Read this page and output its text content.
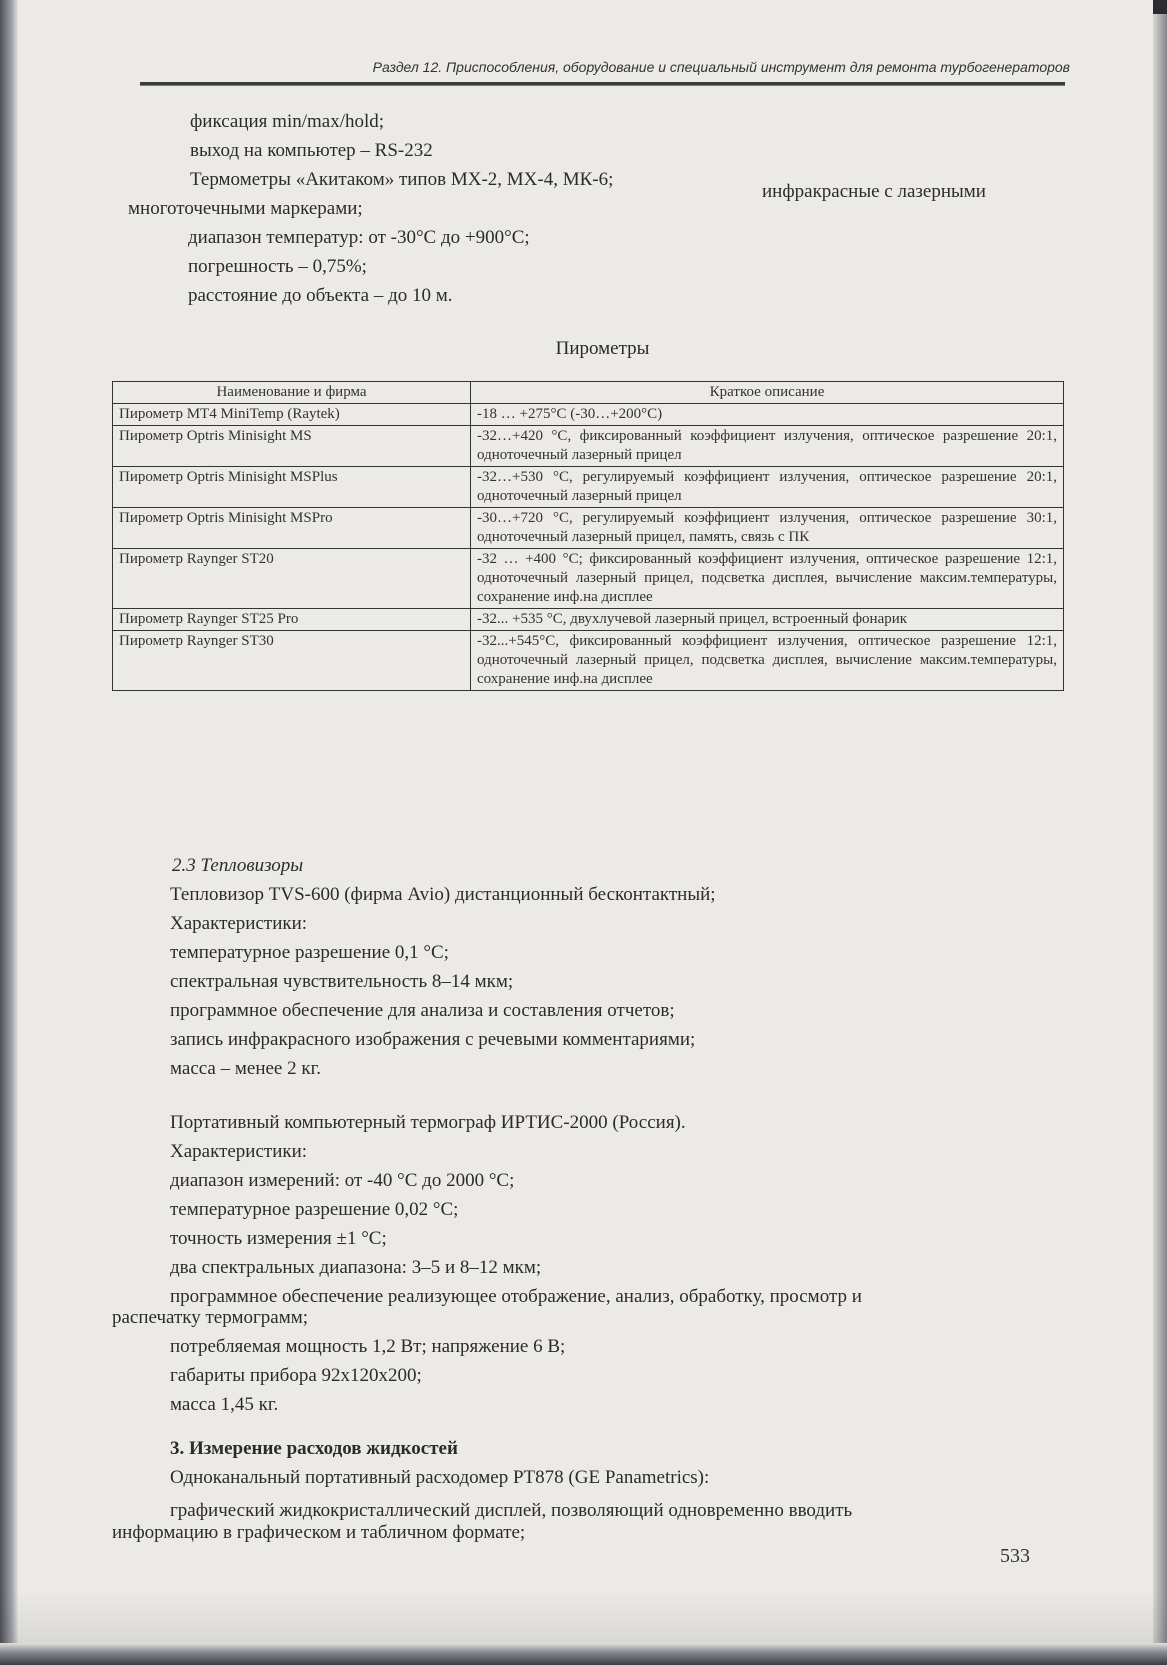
Раздел 12. Приспособления, оборудование и специальный инструмент для ремонта турбогенераторов
фиксация min/max/hold;
выход на компьютер – RS-232
Термометры «Акитаком» типов МХ-2, МХ-4, МК-6;
инфракрасные с лазерными
многоточечными маркерами;
диапазон температур: от -30°С до +900°С;
погрешность – 0,75%;
расстояние до объекта – до 10 м.
Пирометры
Наименование и фирма	Краткое описание
Пирометр MT4 MiniTemp (Raytek)	-18 … +275°С (-30…+200°С)
Пирометр Optris Minisight MS	-32…+420 °С, фиксированный коэффициент излучения, оптическое разрешение 20:1, одноточечный лазерный прицел
Пирометр Optris Minisight MSPlus	-32…+530 °С, регулируемый коэффициент излучения, оптическое разрешение 20:1, одноточечный лазерный прицел
Пирометр Optris Minisight MSPro	-30…+720 °С, регулируемый коэффициент излучения, оптическое разрешение 30:1, одноточечный лазерный прицел, память, связь с ПК
Пирометр Raynger ST20	-32 … +400 °С; фиксированный коэффициент излучения, оптическое разрешение 12:1, одноточечный лазерный прицел, подсветка дисплея, вычисление максим.температуры, сохранение инф.на дисплее
Пирометр Raynger ST25 Pro	-32... +535 °С, двухлучевой лазерный прицел, встроенный фонарик
Пирометр Raynger ST30	-32...+545°С, фиксированный коэффициент излучения, оптическое разрешение 12:1, одноточечный лазерный прицел, подсветка дисплея, вычисление максим.температуры, сохранение инф.на дисплее
2.3 Тепловизоры
Тепловизор TVS-600 (фирма Avio) дистанционный бесконтактный;
Характеристики:
температурное разрешение 0,1 °С;
спектральная чувствительность 8–14 мкм;
программное обеспечение для анализа и составления отчетов;
запись инфракрасного изображения с речевыми комментариями;
масса – менее 2 кг.
Портативный компьютерный термограф ИРТИС-2000 (Россия).
Характеристики:
диапазон измерений: от -40 °С до 2000 °С;
температурное разрешение 0,02 °С;
точность измерения ±1 °С;
два спектральных диапазона: 3–5 и 8–12 мкм;
программное обеспечение реализующее отображение, анализ, обработку, просмотр и
распечатку термограмм;
потребляемая мощность 1,2 Вт; напряжение 6 В;
габариты прибора 92х120х200;
масса 1,45 кг.
3. Измерение расходов жидкостей
Одноканальный портативный расходомер PT878 (GE Panametrics):
графический жидкокристаллический дисплей, позволяющий одновременно вводить
информацию в графическом и табличном формате;
533
